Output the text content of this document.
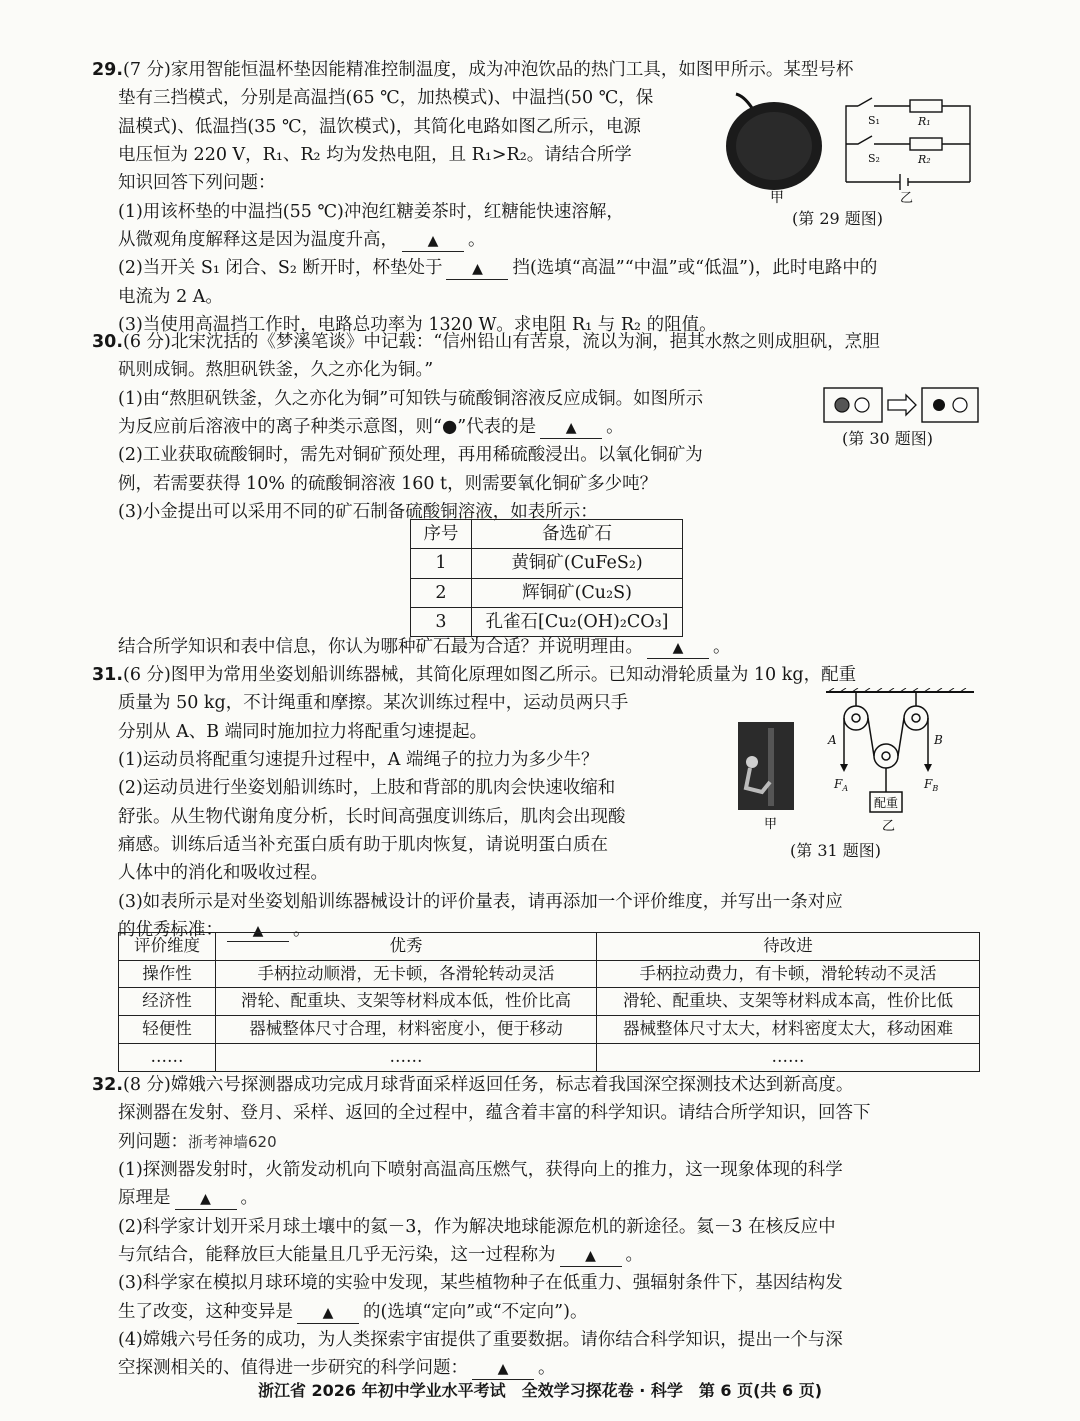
29.(7 分)家用智能恒温杯垫因能精准控制温度，成为冲泡饮品的热门工具，如图甲所示。某型号杯
垫有三挡模式，分别是高温挡(65 ℃，加热模式)、中温挡(50 ℃，保
温模式)、低温挡(35 ℃，温饮模式)，其简化电路如图乙所示，电源
电压恒为 220 V，R₁、R₂ 均为发热电阻，且 R₁>R₂。请结合所学
知识回答下列问题：
(1)用该杯垫的中温挡(55 ℃)冲泡红糖姜茶时，红糖能快速溶解，
从微观角度解释这是因为温度升高， ▲ 。
(2)当开关 S₁ 闭合、S₂ 断开时，杯垫处于 ▲ 挡(选填“高温”“中温”或“低温”)，此时电路中的
电流为 2 A。
(3)当使用高温挡工作时，电路总功率为 1320 W。求电阻 R₁ 与 R₂ 的阻值。
甲
S₁	R₁
S₂	R₂
乙
(第 29 题图)
30.(6 分)北宋沈括的《梦溪笔谈》中记载：“信州铅山有苦泉，流以为涧，挹其水熬之则成胆矾，烹胆
矾则成铜。熬胆矾铁釜，久之亦化为铜。”
(1)由“熬胆矾铁釜，久之亦化为铜”可知铁与硫酸铜溶液反应成铜。如图所示
为反应前后溶液中的离子种类示意图，则“●”代表的是 ▲ 。
(2)工业获取硫酸铜时，需先对铜矿预处理，再用稀硫酸浸出。以氧化铜矿为
例，若需要获得 10% 的硫酸铜溶液 160 t，则需要氧化铜矿多少吨？
(3)小金提出可以采用不同的矿石制备硫酸铜溶液，如表所示：
(第 30 题图)
序号	备选矿石
1	黄铜矿(CuFeS₂)
2	辉铜矿(Cu₂S)
3	孔雀石[Cu₂(OH)₂CO₃]
结合所学知识和表中信息，你认为哪种矿石最为合适？并说明理由。 ▲ 。
31.(6 分)图甲为常用坐姿划船训练器械，其简化原理如图乙所示。已知动滑轮质量为 10 kg，配重
质量为 50 kg，不计绳重和摩擦。某次训练过程中，运动员两只手
分别从 A、B 端同时施加拉力将配重匀速提起。
(1)运动员将配重匀速提升过程中，A 端绳子的拉力为多少牛？
(2)运动员进行坐姿划船训练时，上肢和背部的肌肉会快速收缩和
舒张。从生物代谢角度分析，长时间高强度训练后，肌肉会出现酸
痛感。训练后适当补充蛋白质有助于肌肉恢复，请说明蛋白质在
人体中的消化和吸收过程。
(3)如表所示是对坐姿划船训练器械设计的评价量表，请再添加一个评价维度，并写出一条对应
的优秀标准： ▲ 。
甲
A	B
$F_A$	$F_B$
配重
乙
(第 31 题图)
评价维度	优秀	待改进
操作性	手柄拉动顺滑，无卡顿，各滑轮转动灵活	手柄拉动费力，有卡顿，滑轮转动不灵活
经济性	滑轮、配重块、支架等材料成本低，性价比高	滑轮、配重块、支架等材料成本高，性价比低
轻便性	器械整体尺寸合理，材料密度小，便于移动	器械整体尺寸太大，材料密度太大，移动困难
……	……	……
32.(8 分)嫦娥六号探测器成功完成月球背面采样返回任务，标志着我国深空探测技术达到新高度。
探测器在发射、登月、采样、返回的全过程中，蕴含着丰富的科学知识。请结合所学知识，回答下
列问题：浙考神墙620
(1)探测器发射时，火箭发动机向下喷射高温高压燃气，获得向上的推力，这一现象体现的科学
原理是 ▲ 。
(2)科学家计划开采月球土壤中的氦－3，作为解决地球能源危机的新途径。氦－3 在核反应中
与氘结合，能释放巨大能量且几乎无污染，这一过程称为 ▲ 。
(3)科学家在模拟月球环境的实验中发现，某些植物种子在低重力、强辐射条件下，基因结构发
生了改变，这种变异是 ▲ 的(选填“定向”或“不定向”)。
(4)嫦娥六号任务的成功，为人类探索宇宙提供了重要数据。请你结合科学知识，提出一个与深
空探测相关的、值得进一步研究的科学问题： ▲ 。
浙江省 2026 年初中学业水平考试　全效学习探花卷 · 科学　第 6 页(共 6 页)
